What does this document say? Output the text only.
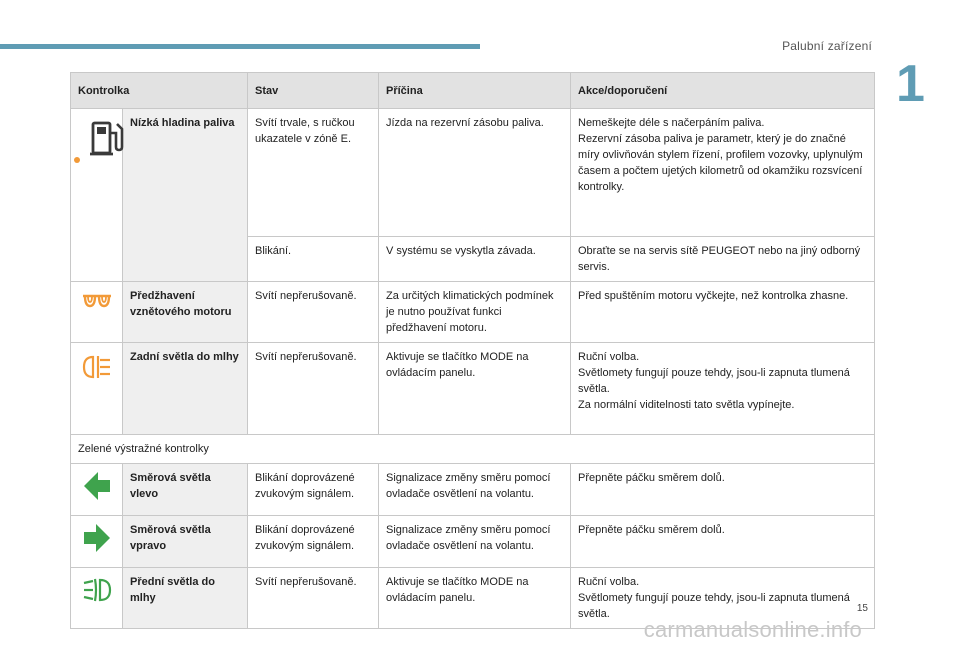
Palubní zařízení
1
Kontrolka		Stav	Příčina	Akce/doporučení

	Nízká hladina paliva	Svítí trvale, s ručkou ukazatele v zóně E.	Jízda na rezervní zásobu paliva.	Nemeškejte déle s načerpáním paliva.
Rezervní zásoba paliva je parametr, který je do značné míry ovlivňován stylem řízení, profilem vozovky, uplynulým časem a počtem ujetých kilometrů od okamžiku rozsvícení kontrolky.
		Blikání.	V systému se vyskytla závada.	Obraťte se na servis sítě PEUGEOT nebo na jiný odborný servis.
	Předžhavení vznětového motoru	Svítí nepřerušovaně.	Za určitých klimatických podmínek je nutno používat funkci předžhavení motoru.	Před spuštěním motoru vyčkejte, než kontrolka zhasne.
	Zadní světla do mlhy	Svítí nepřerušovaně.	Aktivuje se tlačítko MODE na ovládacím panelu.	Ruční volba.
Světlomety fungují pouze tehdy, jsou-li zapnuta tlumená světla.
Za normální viditelnosti tato světla vypínejte.
Zelené výstražné kontrolky				
	Směrová světla vlevo	Blikání doprovázené zvukovým signálem.	Signalizace změny směru pomocí ovladače osvětlení na volantu.	Přepněte páčku směrem dolů.
	Směrová světla vpravo	Blikání doprovázené zvukovým signálem.	Signalizace změny směru pomocí ovladače osvětlení na volantu.	Přepněte páčku směrem dolů.
	Přední světla do mlhy	Svítí nepřerušovaně.	Aktivuje se tlačítko MODE na ovládacím panelu.	Ruční volba.
Světlomety fungují pouze tehdy, jsou-li zapnuta tlumená světla.	15
carmanualsonline.info
